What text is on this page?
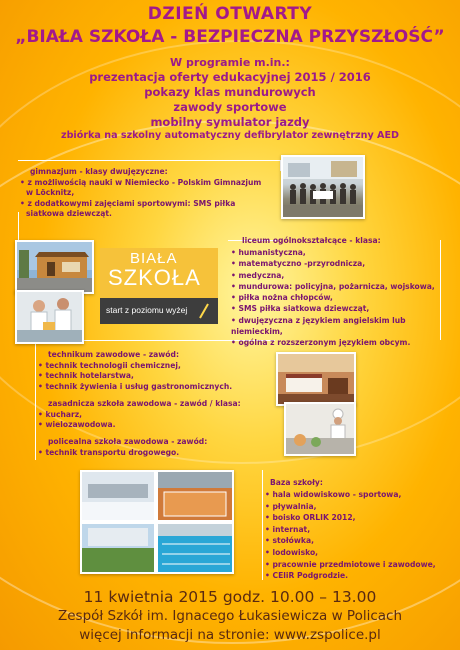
DZIEŃ OTWARTY
„BIAŁA SZKOŁA - BEZPIECZNA PRZYSZŁOŚĆ”
W programie m.in.:
prezentacja oferty edukacyjnej 2015 / 2016
pokazy klas mundurowych
zawody sportowe
mobilny symulator jazdy
zbiórka na szkolny automatyczny defibrylator zewnętrzny AED
gimnazjum - klasy dwujęzyczne:
• z możliwością nauki w Niemiecko - Polskim Gimnazjum
w Löcknitz,
• z dodatkowymi zajęciami sportowymi: SMS piłka
siatkowa dziewcząt.
BIAŁA
SZKOŁA
start z poziomu wyżej
liceum ogólnokształcące - klasa:
• humanistyczna,
• matematyczno -przyrodnicza,
• medyczna,
• mundurowa: policyjna, pożarnicza, wojskowa,
• piłka nożna chłopców,
• SMS piłka siatkowa dziewcząt,
• dwujęzyczna z językiem angielskim lub niemieckim,
• ogólna z rozszerzonym językiem obcym.
technikum zawodowe - zawód:
• technik technologii chemicznej,
• technik hotelarstwa,
• technik żywienia i usług gastronomicznych.
zasadnicza szkoła zawodowa - zawód / klasa:
• kucharz,
• wielozawodowa.
policealna szkoła zawodowa - zawód:
• technik transportu drogowego.
Baza szkoły:
• hala widowiskowo - sportowa,
• pływalnia,
• boisko ORLIK 2012,
• internat,
• stołówka,
• lodowisko,
• pracownie przedmiotowe i zawodowe,
• CEliR Podgrodzie.
11 kwietnia 2015 godz. 10.00 – 13.00
Zespół Szkół im. Ignacego Łukasiewicza w Policach
więcej informacji na stronie: www.zspolice.pl
